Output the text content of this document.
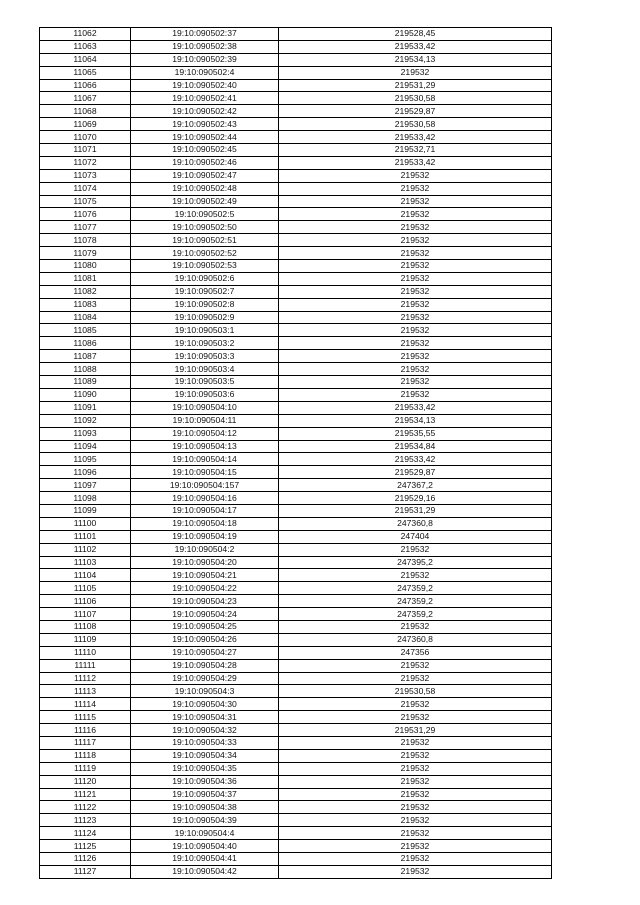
11062	19:10:090502:37	219528,45
11063	19:10:090502:38	219533,42
11064	19:10:090502:39	219534,13
11065	19:10:090502:4	219532
11066	19:10:090502:40	219531,29
11067	19:10:090502:41	219530,58
11068	19:10:090502:42	219529,87
11069	19:10:090502:43	219530,58
11070	19:10:090502:44	219533,42
11071	19:10:090502:45	219532,71
11072	19:10:090502:46	219533,42
11073	19:10:090502:47	219532
11074	19:10:090502:48	219532
11075	19:10:090502:49	219532
11076	19:10:090502:5	219532
11077	19:10:090502:50	219532
11078	19:10:090502:51	219532
11079	19:10:090502:52	219532
11080	19:10:090502:53	219532
11081	19:10:090502:6	219532
11082	19:10:090502:7	219532
11083	19:10:090502:8	219532
11084	19:10:090502:9	219532
11085	19:10:090503:1	219532
11086	19:10:090503:2	219532
11087	19:10:090503:3	219532
11088	19:10:090503:4	219532
11089	19:10:090503:5	219532
11090	19:10:090503:6	219532
11091	19:10:090504:10	219533,42
11092	19:10:090504:11	219534,13
11093	19:10:090504:12	219535,55
11094	19:10:090504:13	219534,84
11095	19:10:090504:14	219533,42
11096	19:10:090504:15	219529,87
11097	19:10:090504:157	247367,2
11098	19:10:090504:16	219529,16
11099	19:10:090504:17	219531,29
11100	19:10:090504:18	247360,8
11101	19:10:090504:19	247404
11102	19:10:090504:2	219532
11103	19:10:090504:20	247395,2
11104	19:10:090504:21	219532
11105	19:10:090504:22	247359,2
11106	19:10:090504:23	247359,2
11107	19:10:090504:24	247359,2
11108	19:10:090504:25	219532
11109	19:10:090504:26	247360,8
11110	19:10:090504:27	247356
11111	19:10:090504:28	219532
11112	19:10:090504:29	219532
11113	19:10:090504:3	219530,58
11114	19:10:090504:30	219532
11115	19:10:090504:31	219532
11116	19:10:090504:32	219531,29
11117	19:10:090504:33	219532
11118	19:10:090504:34	219532
11119	19:10:090504:35	219532
11120	19:10:090504:36	219532
11121	19:10:090504:37	219532
11122	19:10:090504:38	219532
11123	19:10:090504:39	219532
11124	19:10:090504:4	219532
11125	19:10:090504:40	219532
11126	19:10:090504:41	219532
11127	19:10:090504:42	219532
